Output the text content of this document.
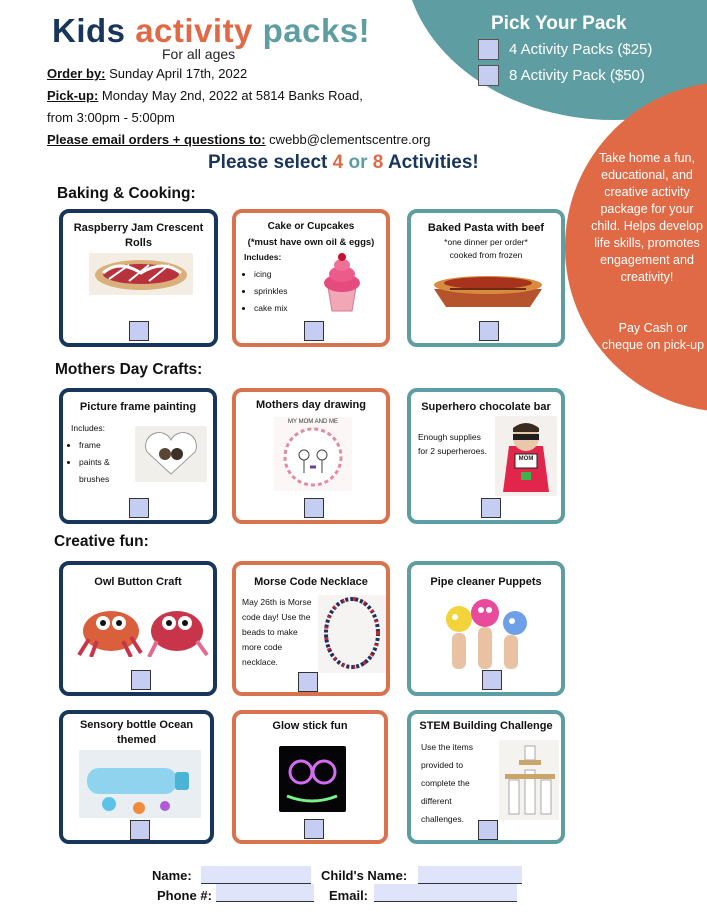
Kids activity packs!
For all ages
Order by: Sunday April 17th, 2022
Pick-up: Monday May 2nd, 2022 at 5814 Banks Road,
from 3:00pm - 5:00pm
Please email orders + questions to: cwebb@clementscentre.org
Pick Your Pack
4 Activity Packs ($25)
8 Activity Pack ($50)
Take home a fun, educational, and creative activity package for your child. Helps develop life skills, promotes engagement and creativity!
Pay Cash or cheque on pick-up
Please select 4 or 8 Activities!
Baking & Cooking:
Mothers Day Crafts:
Creative fun:
Raspberry Jam Crescent Rolls
Cake or Cupcakes
(*must have own oil & eggs)
Includes:
• icing
• sprinkles
• cake mix
Baked Pasta with beef
*one dinner per order*
cooked from frozen
Picture frame painting
Includes:
• frame
• paints &
brushes
Mothers day drawing
MY MOM AND ME
Superhero chocolate bar
Enough supplies for 2 superheroes.
MOM
Owl Button Craft	Morse Code Necklace
May 26th is Morse code day! Use the beads to make more code necklace.
Pipe cleaner Puppets
Sensory bottle Ocean themed
Glow stick fun	STEM Building Challenge
Use the items provided to complete the different challenges.
Name:	Child's Name:
Phone #:	Email:
